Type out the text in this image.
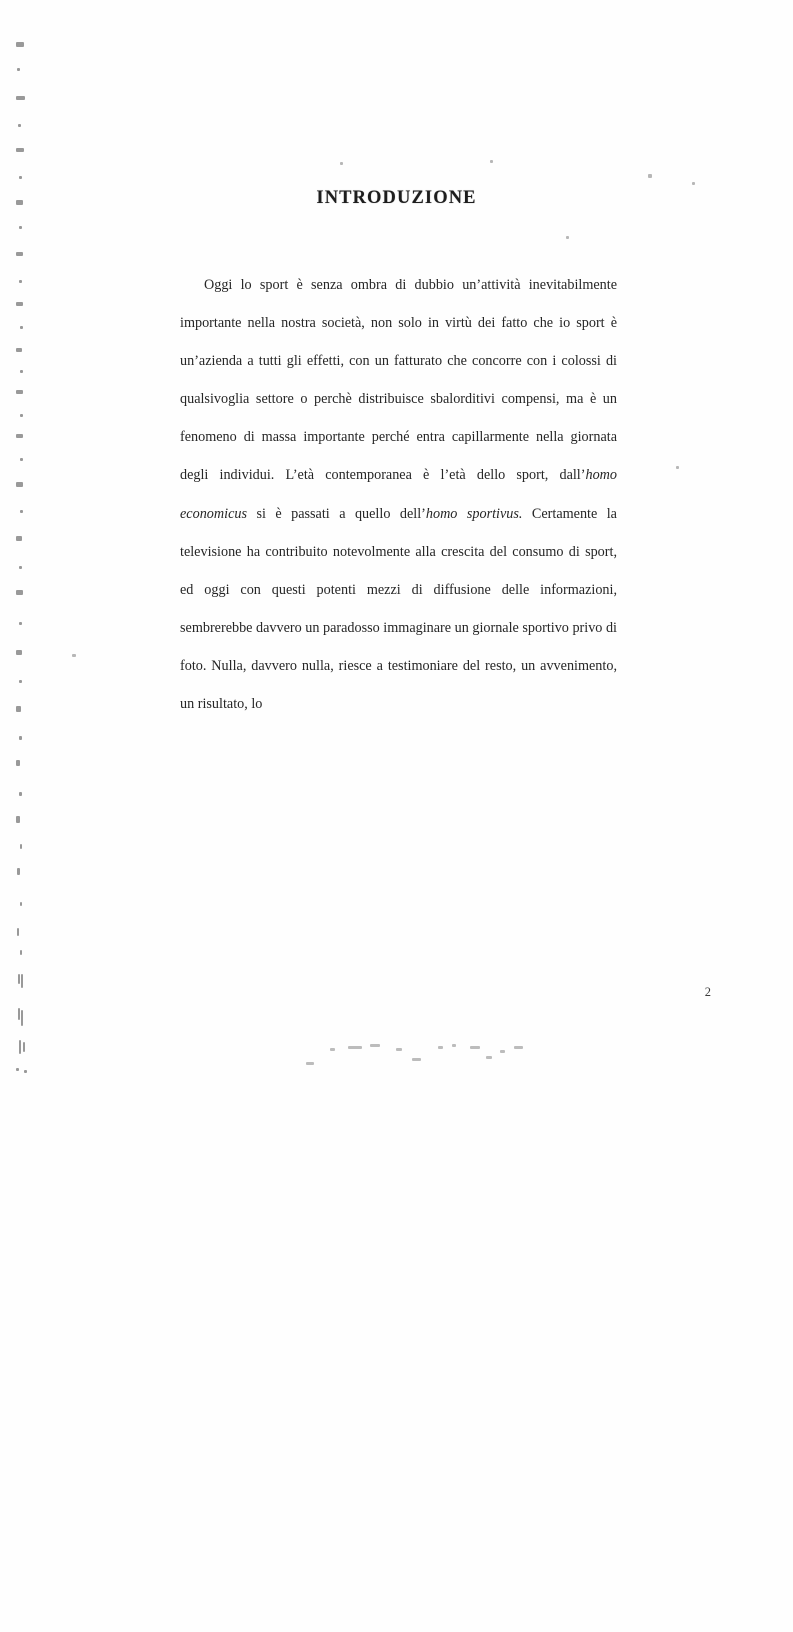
INTRODUZIONE

Oggi lo sport è senza ombra di dubbio un’attività inevitabilmente importante nella nostra società, non solo in virtù dei fatto che io sport è un’azienda a tutti gli effetti, con un fatturato che concorre con i colossi di qualsivoglia settore o perchè distribuisce sbalorditivi compensi, ma è un fenomeno di massa importante perché entra capillarmente nella giornata degli individui. L’età contemporanea è l’età dello sport, dall’homo economicus si è passati a quello dell’homo sportivus. Certamente la televisione ha contribuito notevolmente alla crescita del consumo di sport, ed oggi con questi potenti mezzi di diffusione delle informazioni, sembrerebbe davvero un paradosso immaginare un giornale sportivo privo di foto. Nulla, davvero nulla, riesce a testimoniare del resto, un avvenimento, un risultato, lo

2
